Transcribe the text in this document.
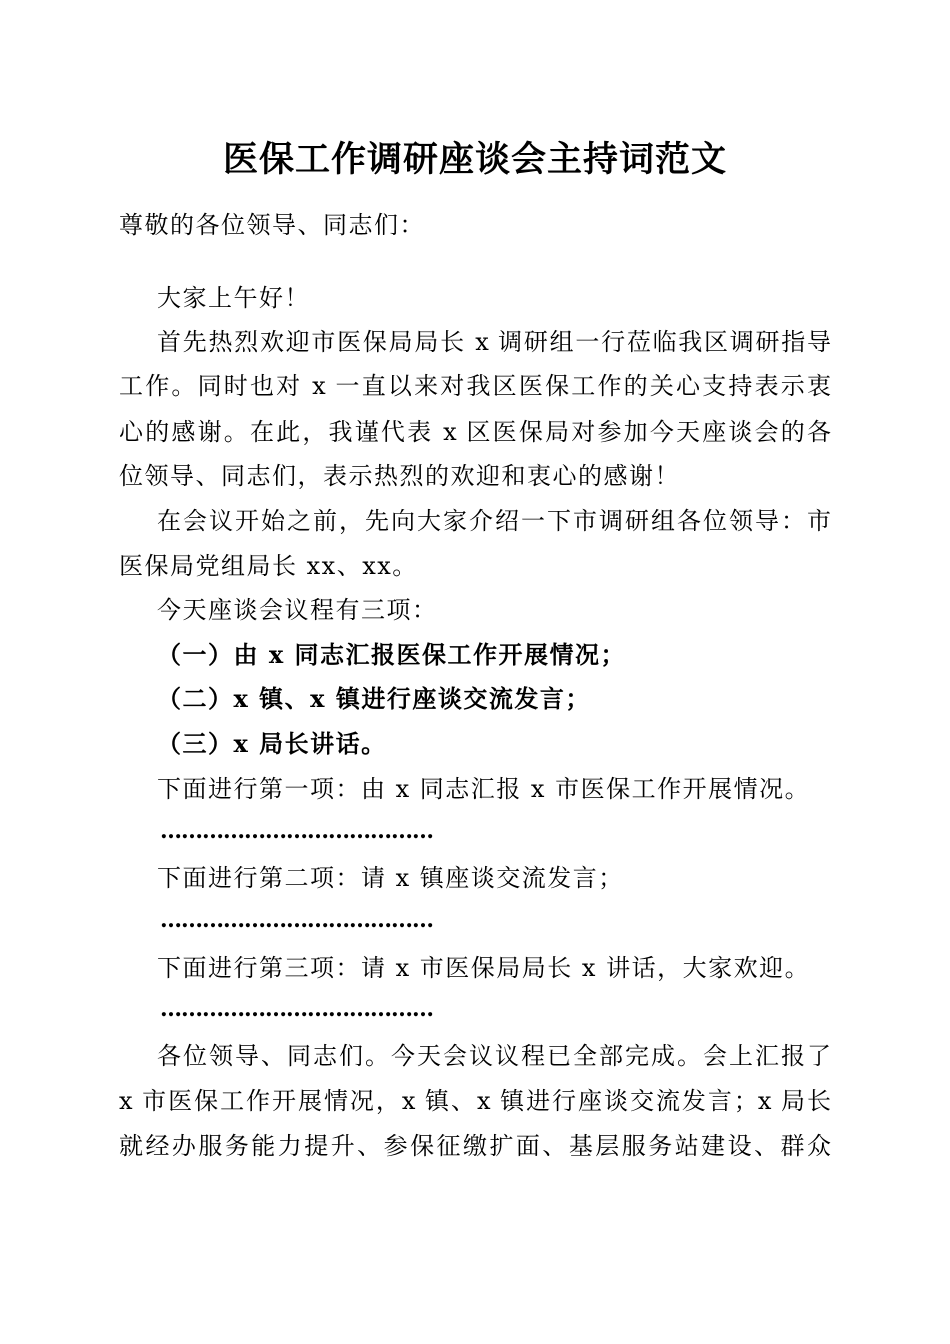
医保工作调研座谈会主持词范文

尊敬的各位领导、同志们：

大家上午好！

首先热烈欢迎市医保局局长 x 调研组一行莅临我区调研指导

工作。同时也对 x 一直以来对我区医保工作的关心支持表示衷

心的感谢。在此，我谨代表 x 区医保局对参加今天座谈会的各

位领导、同志们，表示热烈的欢迎和衷心的感谢！

在会议开始之前，先向大家介绍一下市调研组各位领导：市

医保局党组局长 xx、xx。

今天座谈会议程有三项：

（一）由 x 同志汇报医保工作开展情况；

（二）x 镇、x 镇进行座谈交流发言；

（三）x 局长讲话。

下面进行第一项：由 x 同志汇报 x 市医保工作开展情况。

…………………………………

下面进行第二项：请 x 镇座谈交流发言；

…………………………………

下面进行第三项：请 x 市医保局局长 x 讲话，大家欢迎。

…………………………………

各位领导、同志们。今天会议议程已全部完成。会上汇报了

x 市医保工作开展情况，x 镇、x 镇进行座谈交流发言；x 局长

就经办服务能力提升、参保征缴扩面、基层服务站建设、群众
